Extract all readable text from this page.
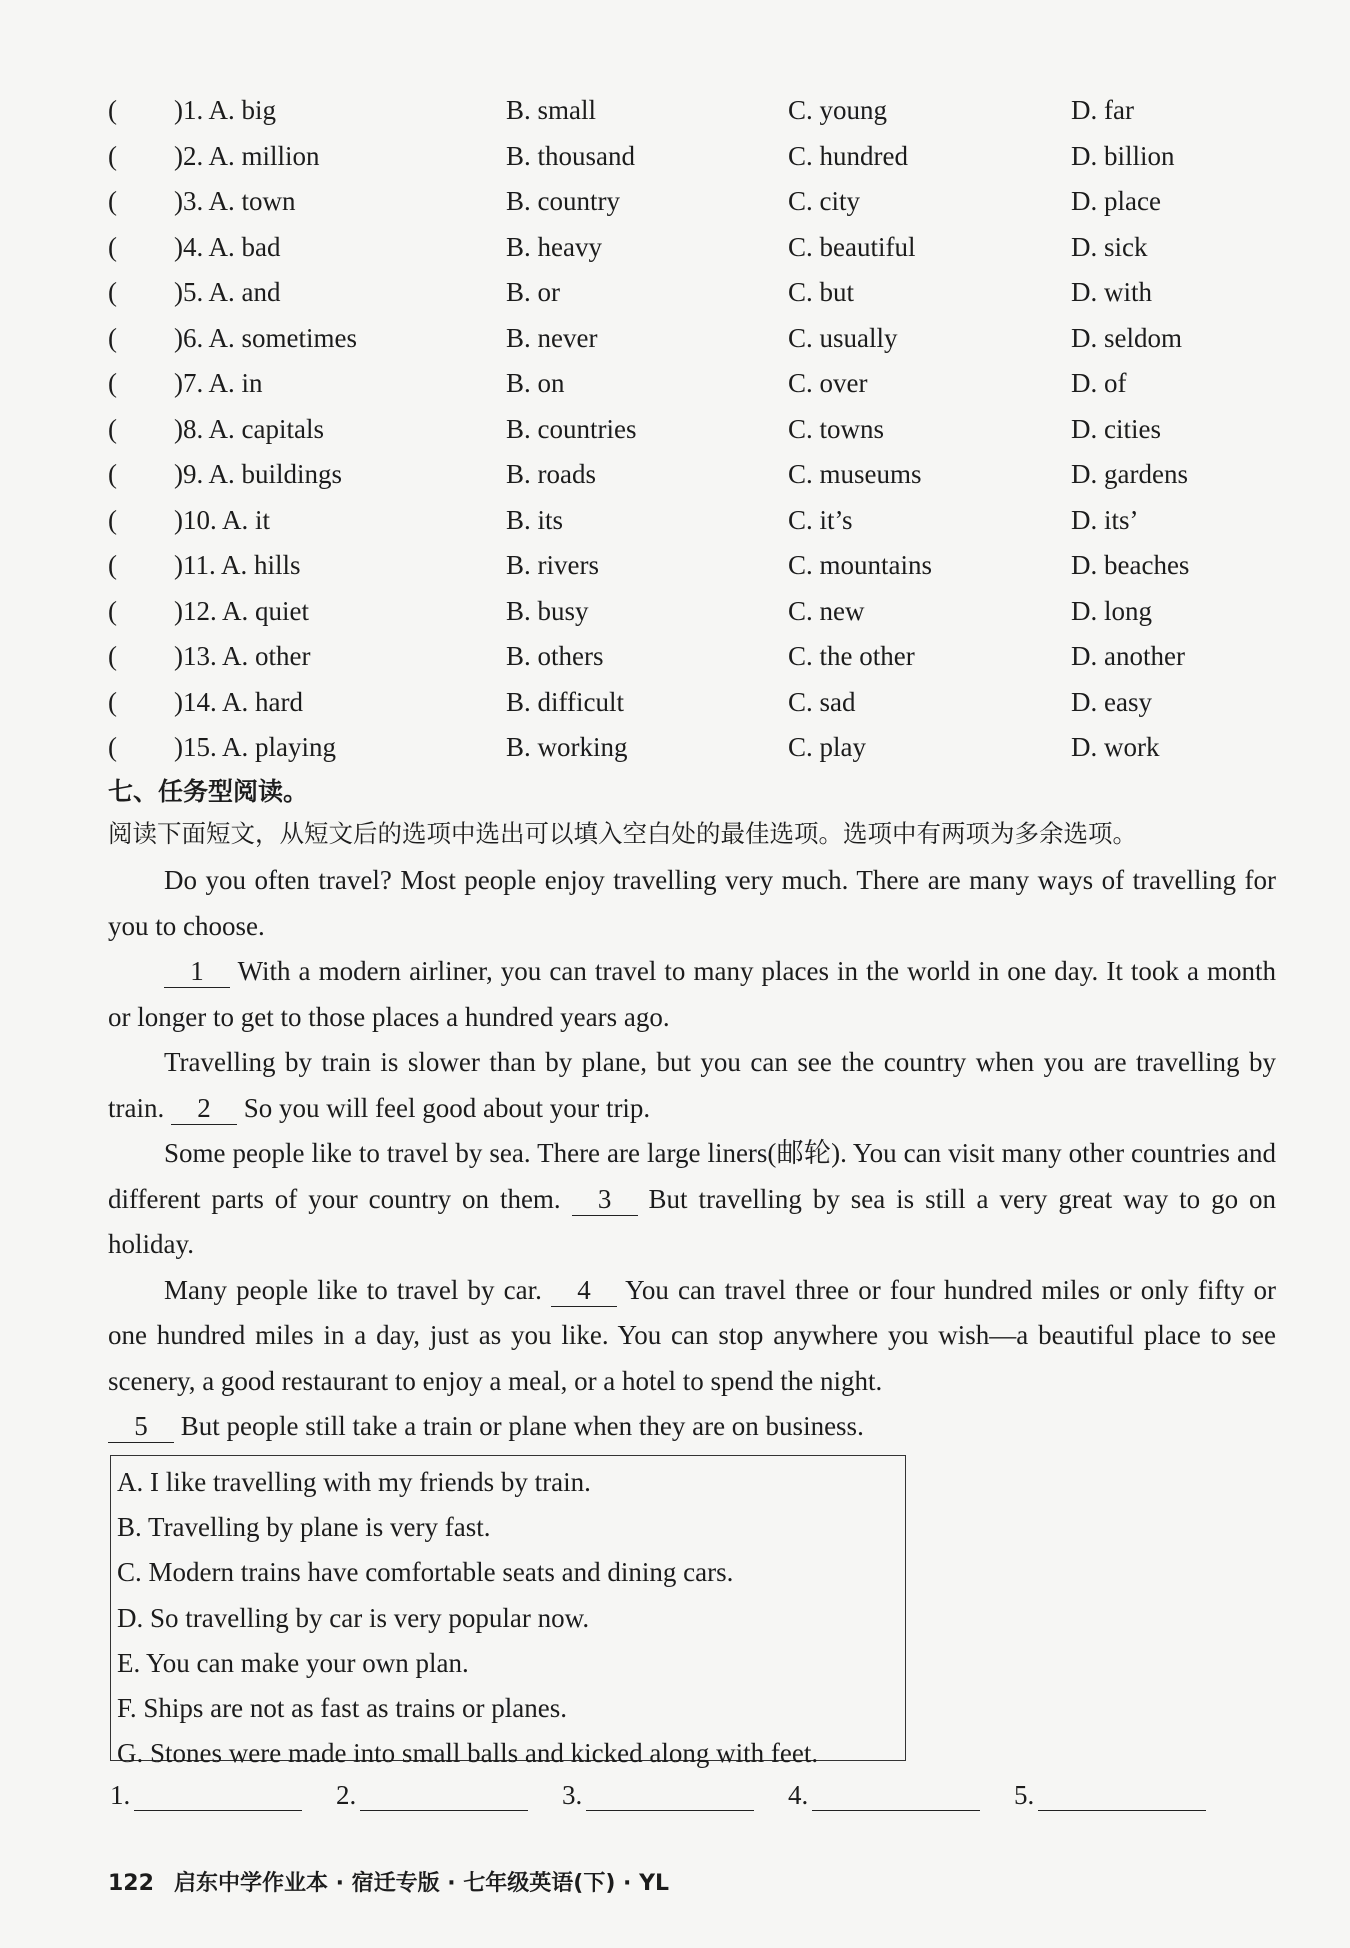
( )1. A. big	B. small	C. young	D. far
( )2. A. million	B. thousand	C. hundred	D. billion
( )3. A. town	B. country	C. city	D. place
( )4. A. bad	B. heavy	C. beautiful	D. sick
( )5. A. and	B. or	C. but	D. with
( )6. A. sometimes	B. never	C. usually	D. seldom
( )7. A. in	B. on	C. over	D. of
( )8. A. capitals	B. countries	C. towns	D. cities
( )9. A. buildings	B. roads	C. museums	D. gardens
( )10. A. it	B. its	C. it’s	D. its’
( )11. A. hills	B. rivers	C. mountains	D. beaches
( )12. A. quiet	B. busy	C. new	D. long
( )13. A. other	B. others	C. the other	D. another
( )14. A. hard	B. difficult	C. sad	D. easy
( )15. A. playing	B. working	C. play	D. work
七、任务型阅读。
阅读下面短文，从短文后的选项中选出可以填入空白处的最佳选项。选项中有两项为多余选项。

Do you often travel? Most people enjoy travelling very much. There are many ways of travelling for you to choose.

1 With a modern airliner, you can travel to many places in the world in one day. It took a month or longer to get to those places a hundred years ago.

Travelling by train is slower than by plane, but you can see the country when you are travelling by train. 2 So you will feel good about your trip.

Some people like to travel by sea. There are large liners(邮轮). You can visit many other countries and different parts of your country on them. 3 But travelling by sea is still a very great way to go on holiday.

Many people like to travel by car. 4 You can travel three or four hundred miles or only fifty or one hundred miles in a day, just as you like. You can stop anywhere you wish—a beautiful place to see scenery, a good restaurant to enjoy a meal, or a hotel to spend the night.

5 But people still take a train or plane when they are on business.

A. I like travelling with my friends by train.
B. Travelling by plane is very fast.
C. Modern trains have comfortable seats and dining cars.
D. So travelling by car is very popular now.
E. You can make your own plan.
F. Ships are not as fast as trains or planes.
G. Stones were made into small balls and kicked along with feet.
1.	2.	3.	4.	5.
122 启东中学作业本 · 宿迁专版 · 七年级英语(下) · YL
